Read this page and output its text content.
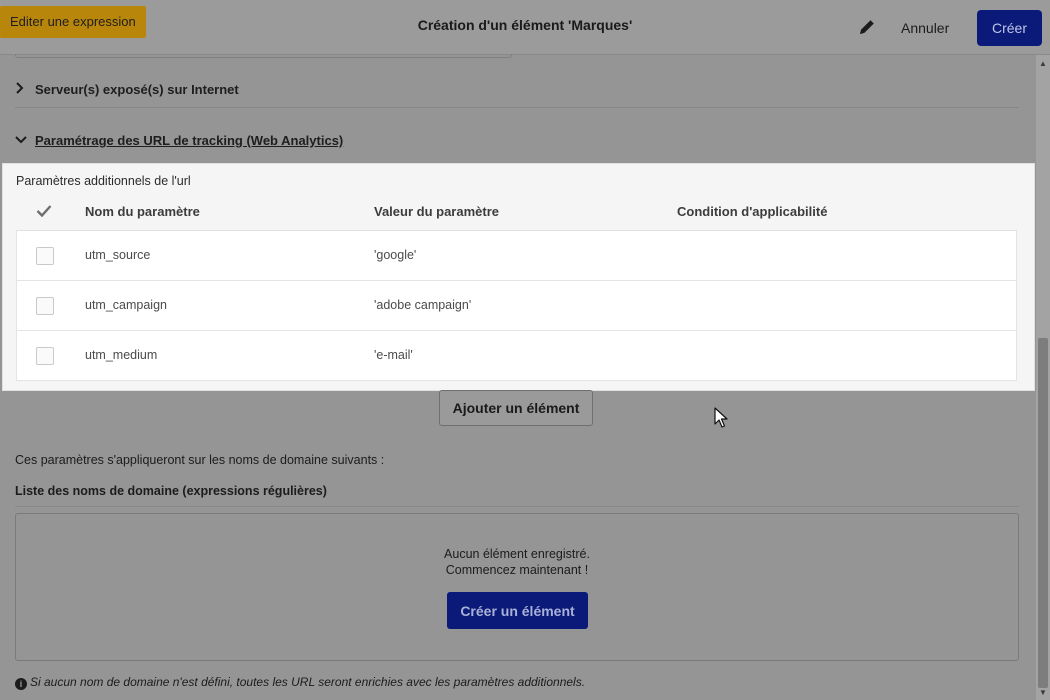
Editer une expression	Création d'un élément 'Marques'	Annuler	Créer
Serveur(s) exposé(s) sur Internet
Paramétrage des URL de tracking (Web Analytics)
Paramètres additionnels de l'url
Nom du paramètre	Valeur du paramètre	Condition d'applicabilité
utm_source	'google'
utm_campaign	'adobe campaign'
utm_medium	'e-mail'
Ajouter un élément
Ces paramètres s'appliqueront sur les noms de domaine suivants :
Liste des noms de domaine (expressions régulières)
Aucun élément enregistré.
Commencez maintenant !
Créer un élément
i Si aucun nom de domaine n'est défini, toutes les URL seront enrichies avec les paramètres additionnels.
▲
▼
